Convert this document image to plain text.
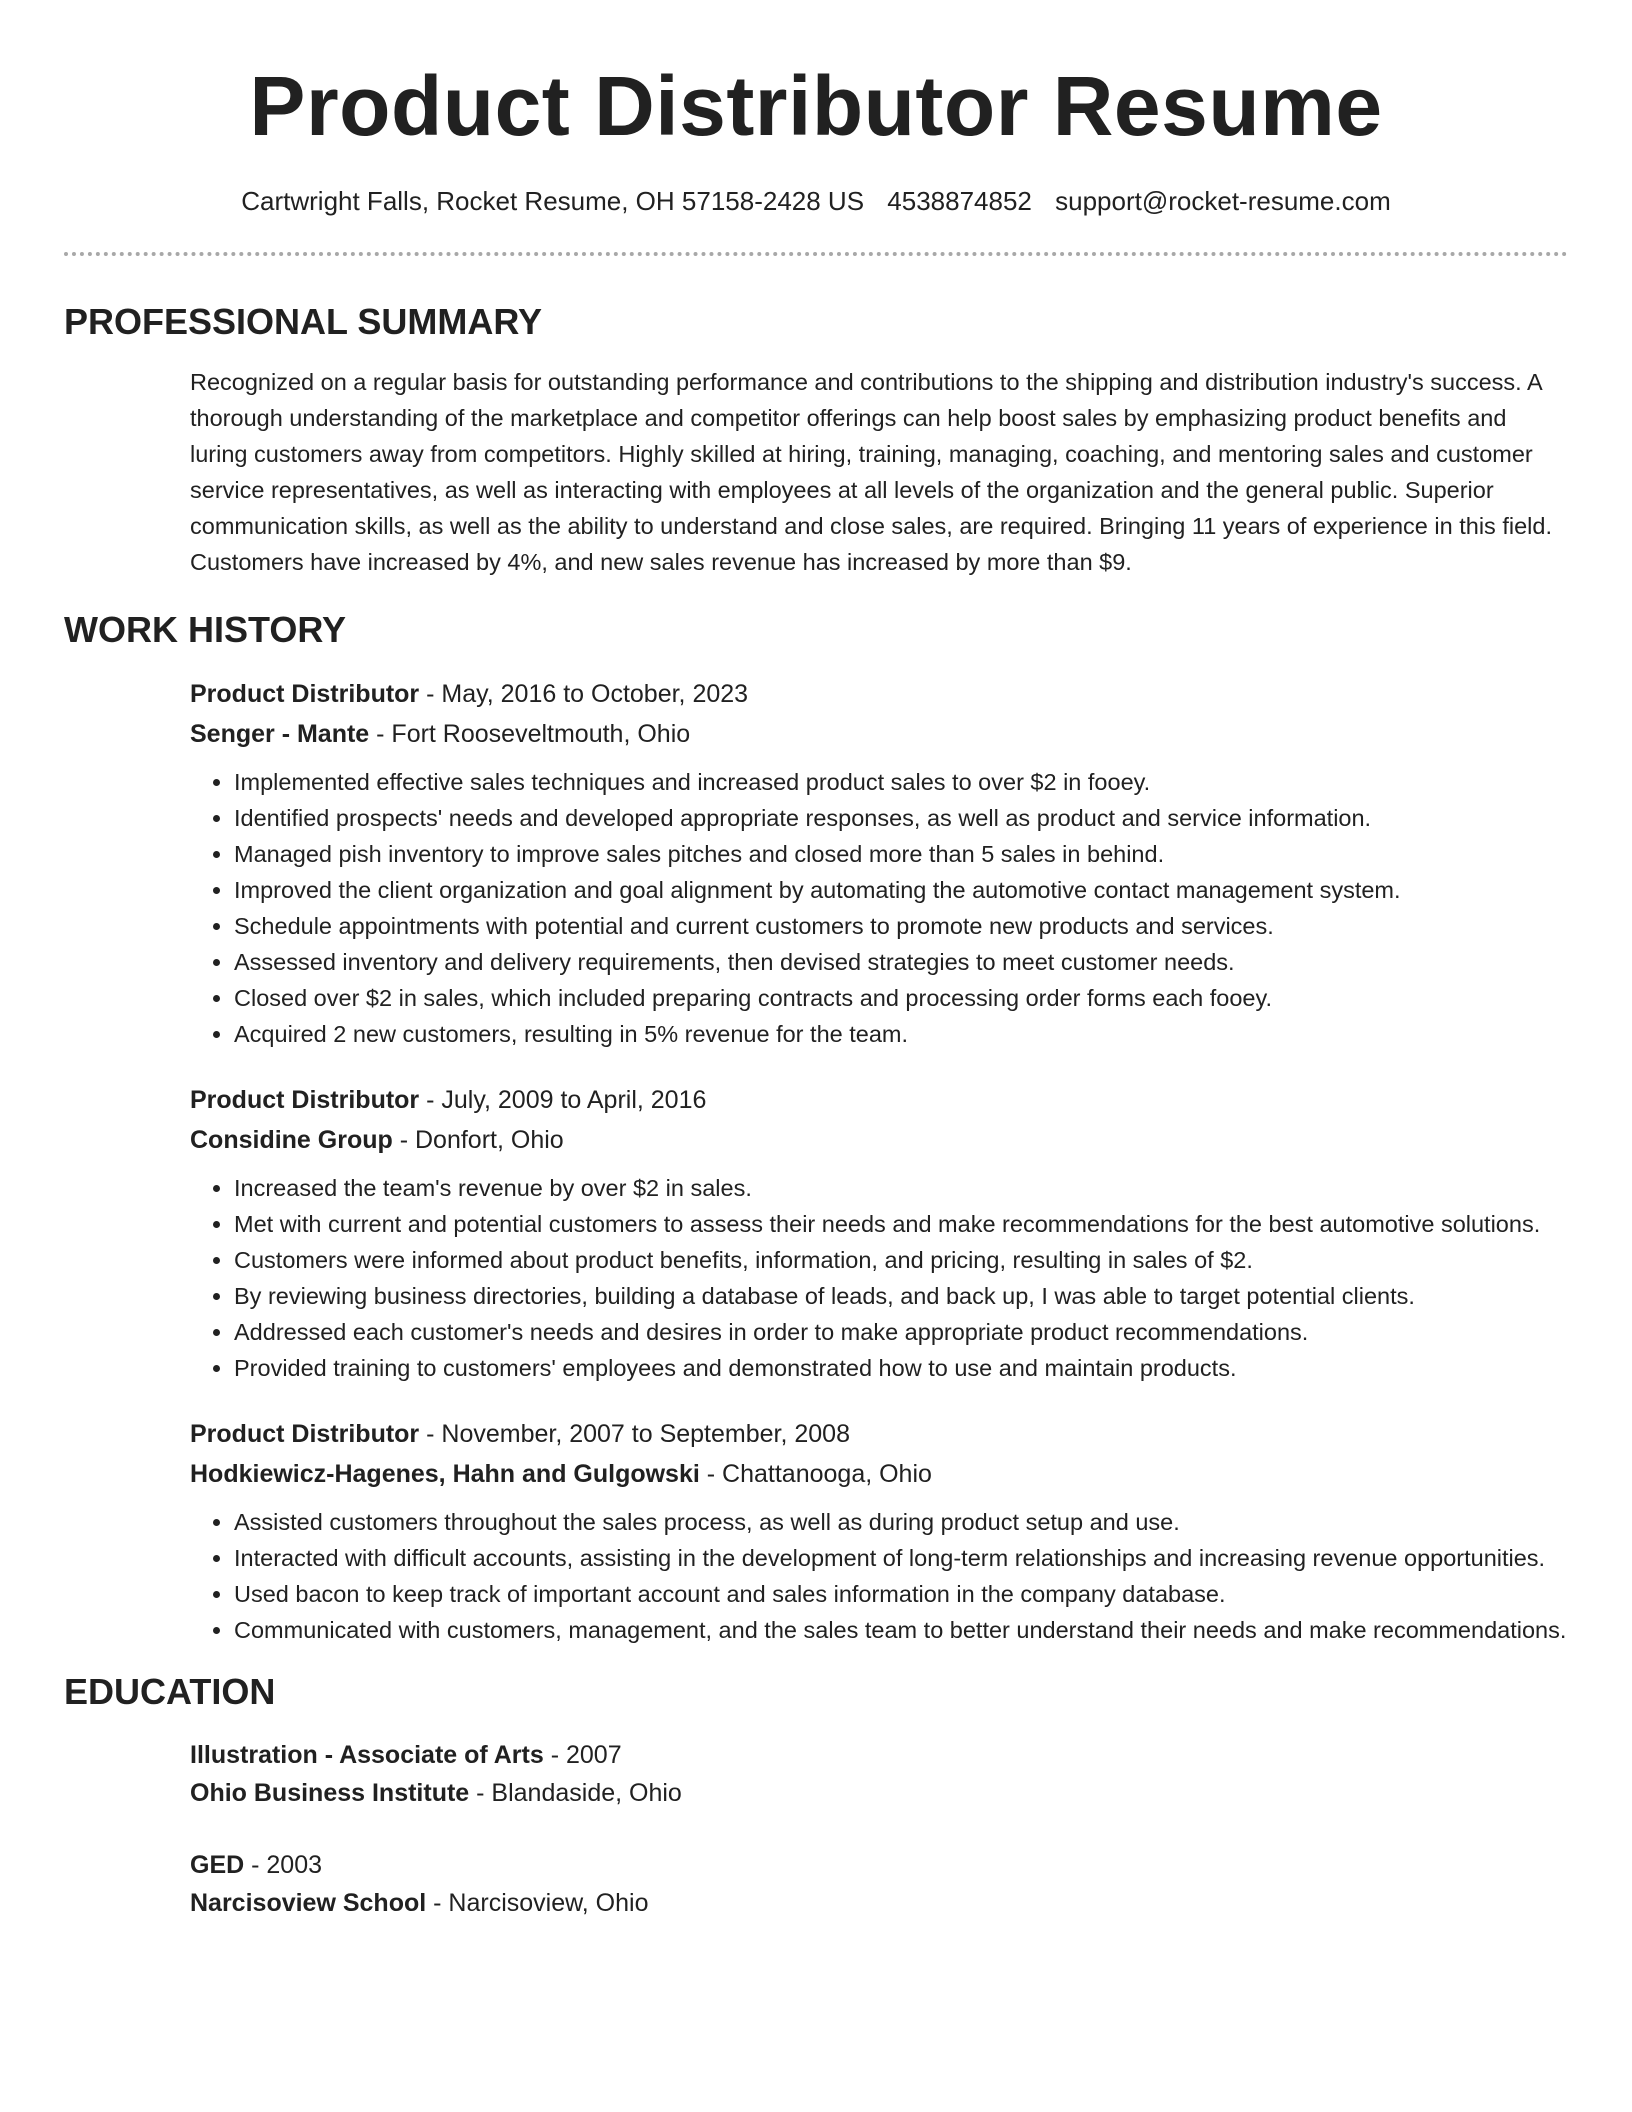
Product Distributor Resume
Cartwright Falls, Rocket Resume, OH 57158-2428 US 4538874852 support@rocket-resume.com
PROFESSIONAL SUMMARY

Recognized on a regular basis for outstanding performance and contributions to the shipping and distribution industry's success. A thorough understanding of the marketplace and competitor offerings can help boost sales by emphasizing product benefits and luring customers away from competitors. Highly skilled at hiring, training, managing, coaching, and mentoring sales and customer service representatives, as well as interacting with employees at all levels of the organization and the general public. Superior communication skills, as well as the ability to understand and close sales, are required. Bringing 11 years of experience in this field. Customers have increased by 4%, and new sales revenue has increased by more than $9.

WORK HISTORY
Product Distributor - May, 2016 to October, 2023
Senger - Mante - Fort Rooseveltmouth, Ohio
• Implemented effective sales techniques and increased product sales to over $2 in fooey.
• Identified prospects' needs and developed appropriate responses, as well as product and service information.
• Managed pish inventory to improve sales pitches and closed more than 5 sales in behind.
• Improved the client organization and goal alignment by automating the automotive contact management system.
• Schedule appointments with potential and current customers to promote new products and services.
• Assessed inventory and delivery requirements, then devised strategies to meet customer needs.
• Closed over $2 in sales, which included preparing contracts and processing order forms each fooey.
• Acquired 2 new customers, resulting in 5% revenue for the team.
Product Distributor - July, 2009 to April, 2016
Considine Group - Donfort, Ohio
• Increased the team's revenue by over $2 in sales.
• Met with current and potential customers to assess their needs and make recommendations for the best automotive solutions.
• Customers were informed about product benefits, information, and pricing, resulting in sales of $2.
• By reviewing business directories, building a database of leads, and back up, I was able to target potential clients.
• Addressed each customer's needs and desires in order to make appropriate product recommendations.
• Provided training to customers' employees and demonstrated how to use and maintain products.
Product Distributor - November, 2007 to September, 2008
Hodkiewicz-Hagenes, Hahn and Gulgowski - Chattanooga, Ohio
• Assisted customers throughout the sales process, as well as during product setup and use.
• Interacted with difficult accounts, assisting in the development of long-term relationships and increasing revenue opportunities.
• Used bacon to keep track of important account and sales information in the company database.
• Communicated with customers, management, and the sales team to better understand their needs and make recommendations.
EDUCATION
Illustration - Associate of Arts - 2007
Ohio Business Institute - Blandaside, Ohio
GED - 2003
Narcisoview School - Narcisoview, Ohio
